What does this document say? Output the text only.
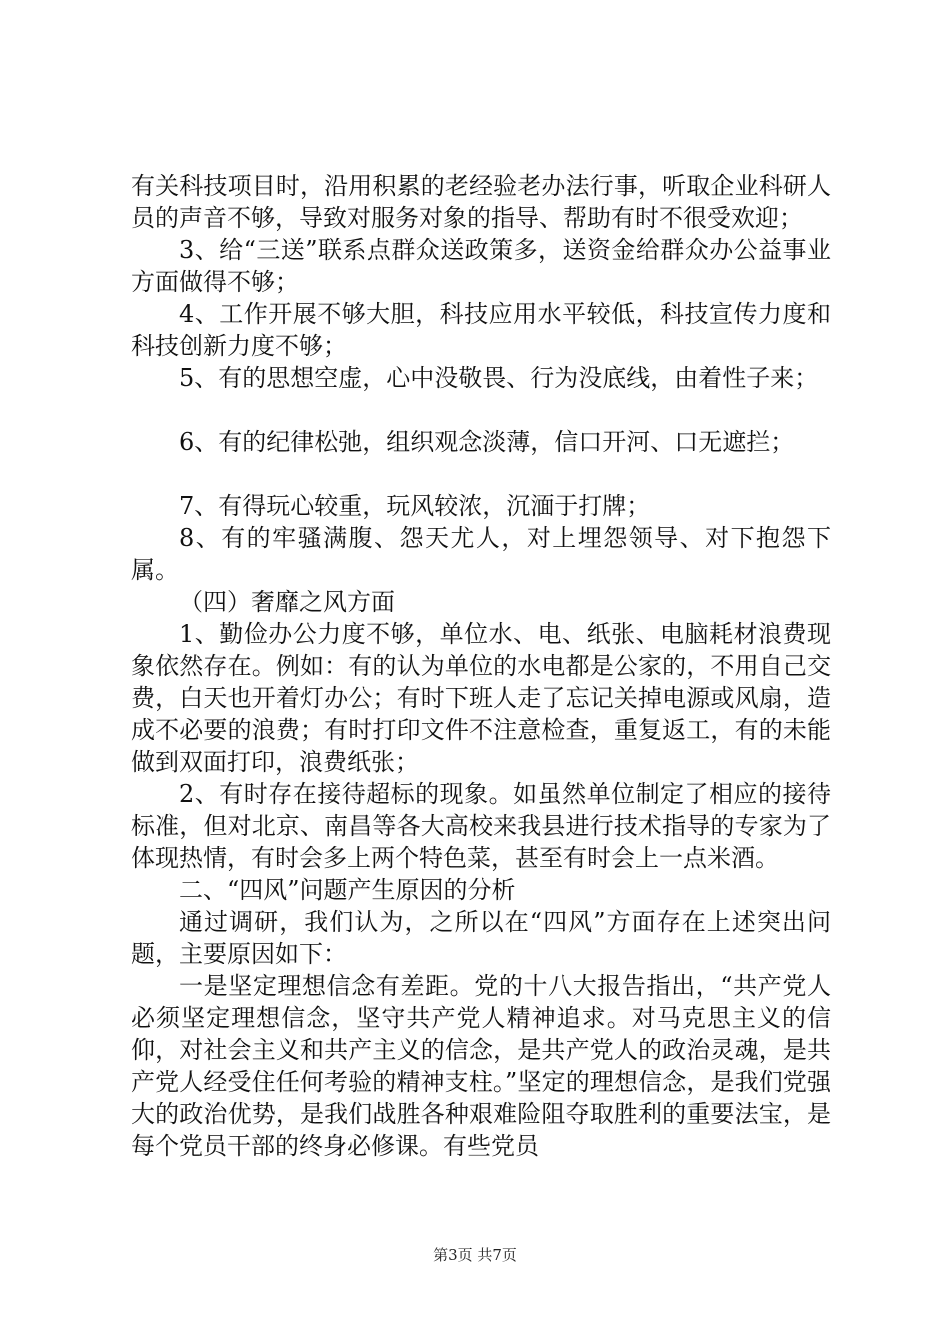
有关科技项目时，沿用积累的老经验老办法行事，听取企业科研人员的声音不够，导致对服务对象的指导、帮助有时不很受欢迎；

3、给“三送”联系点群众送政策多，送资金给群众办公益事业方面做得不够；

4、工作开展不够大胆，科技应用水平较低，科技宣传力度和科技创新力度不够；

5、有的思想空虚，心中没敬畏、行为没底线，由着性子来；

6、有的纪律松弛，组织观念淡薄，信口开河、口无遮拦；

7、有得玩心较重，玩风较浓，沉湎于打牌；

8、有的牢骚满腹、怨天尤人，对上埋怨领导、对下抱怨下属。

（四）奢靡之风方面

1、勤俭办公力度不够，单位水、电、纸张、电脑耗材浪费现象依然存在。例如：有的认为单位的水电都是公家的，不用自己交费，白天也开着灯办公；有时下班人走了忘记关掉电源或风扇，造成不必要的浪费；有时打印文件不注意检查，重复返工，有的未能做到双面打印，浪费纸张；

2、有时存在接待超标的现象。如虽然单位制定了相应的接待标准，但对北京、南昌等各大高校来我县进行技术指导的专家为了体现热情，有时会多上两个特色菜，甚至有时会上一点米酒。

二、“四风”问题产生原因的分析

通过调研，我们认为，之所以在“四风”方面存在上述突出问题，主要原因如下：

一是坚定理想信念有差距。党的十八大报告指出，“共产党人必须坚定理想信念，坚守共产党人精神追求。对马克思主义的信仰，对社会主义和共产主义的信念，是共产党人的政治灵魂，是共产党人经受住任何考验的精神支柱。”坚定的理想信念，是我们党强大的政治优势，是我们战胜各种艰难险阻夺取胜利的重要法宝，是每个党员干部的终身必修课。有些党员

第3页 共7页
